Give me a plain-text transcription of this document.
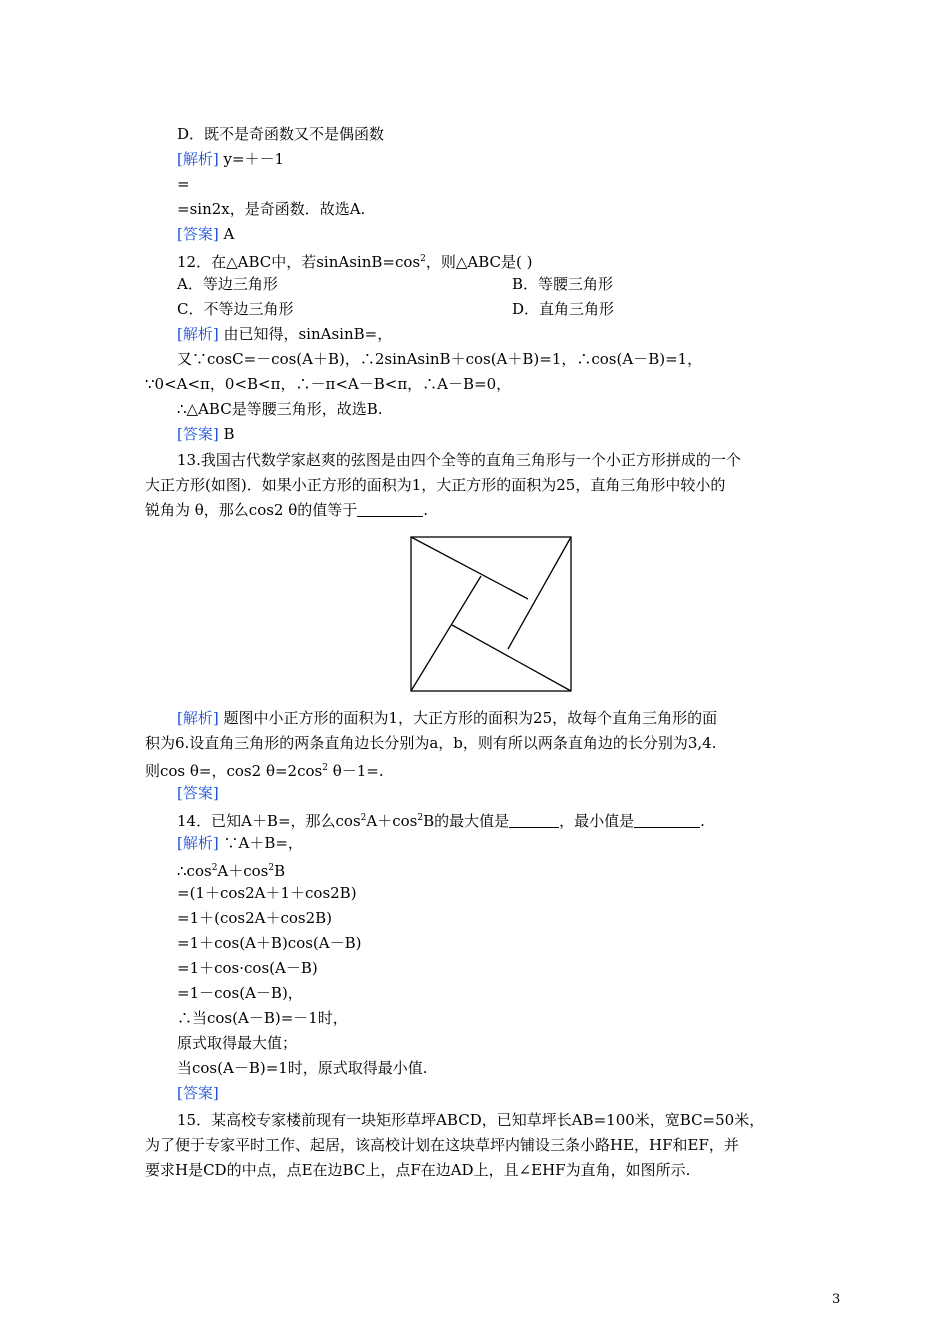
D．既不是奇函数又不是偶函数
[解析] y=＋－1
=
=sin2x，是奇函数．故选A.
[答案] A
12．在△ABC中，若$sinAsinB=\cos^2$，则△ABC是( )
A．等边三角形	B．等腰三角形
C．不等边三角形	D．直角三角形
[解析] 由已知得，sinAsinB=，
又∵cosC=－cos(A＋B)，∴2sinAsinB＋cos(A＋B)=1，∴cos(A－B)=1，
∵0<A<π，0<B<π，∴－π<A－B<π，∴A－B=0，
∴△ABC是等腰三角形，故选B.
[答案] B
13.我国古代数学家赵爽的弦图是由四个全等的直角三角形与一个小正方形拼成的一个
大正方形(如图)．如果小正方形的面积为1，大正方形的面积为25，直角三角形中较小的
锐角为 θ，那么cos2 θ的值等于	.
[解析] 题图中小正方形的面积为1，大正方形的面积为25，故每个直角三角形的面
积为6.设直角三角形的两条直角边长分别为a，b，则有所以两条直角边的长分别为3,4.
则cos θ=，cos2 $\theta=2\cos^2$ θ－1=.
[答案]
14．已知A＋B=，那么$\cos^2A+\cos^2B$的最大值是	，最小值是	.
[解析] ∵A＋B=，
$\therefore\cos^2A+\cos^2B$
=(1＋cos2A＋1＋cos2B)
=1＋(cos2A＋cos2B)
=1＋cos(A＋B)cos(A－B)
=1＋cos·cos(A－B)
=1－cos(A－B)，
∴当cos(A－B)=－1时，
原式取得最大值；
当cos(A－B)=1时，原式取得最小值.
[答案]
15．某高校专家楼前现有一块矩形草坪ABCD，已知草坪长AB=100米，宽BC=50米，
为了便于专家平时工作、起居，该高校计划在这块草坪内铺设三条小路HE，HF和EF，并
要求H是CD的中点，点E在边BC上，点F在边AD上，且∠EHF为直角，如图所示.
3
